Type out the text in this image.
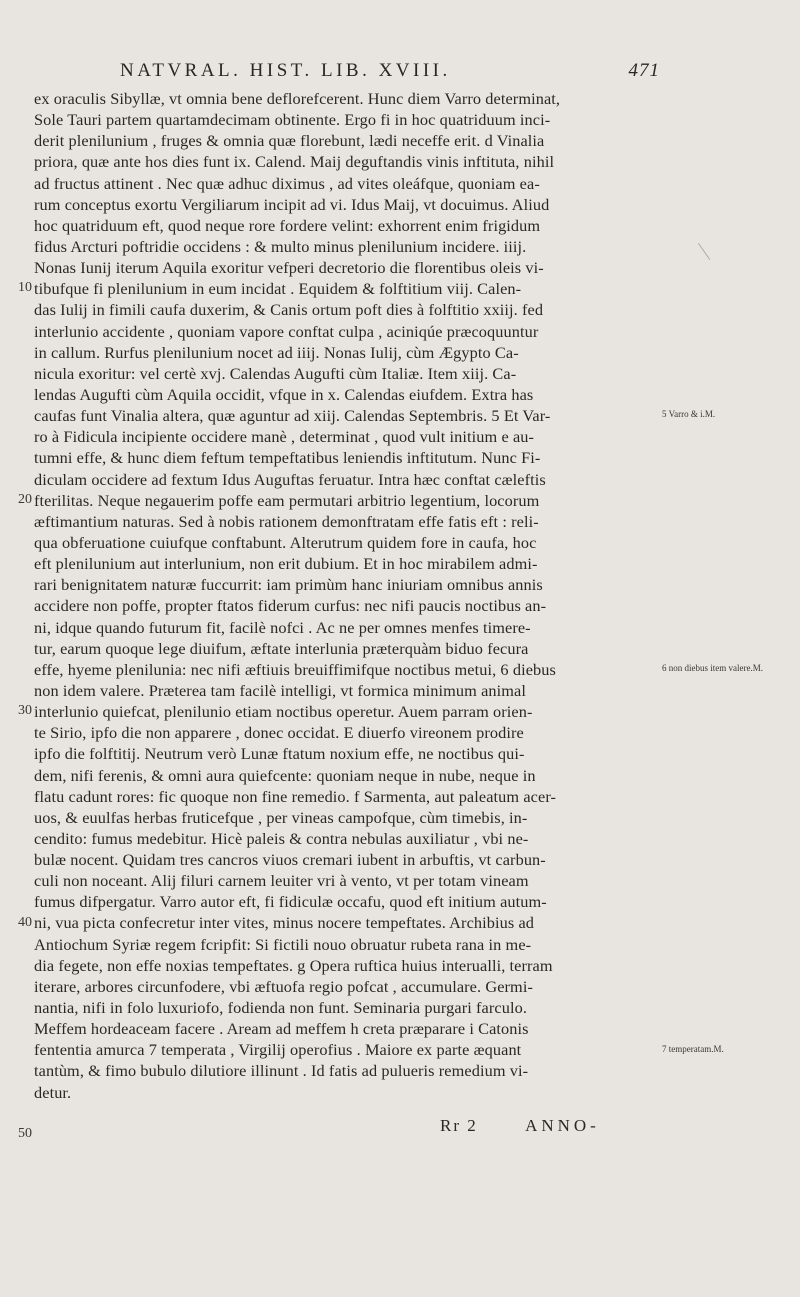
NATVRAL. HIST. LIB. XVIII.	471
ex oraculis Sibyllæ, vt omnia bene deflorefcerent. Hunc diem Varro determinat,
Sole Tauri partem quartamdecimam obtinente. Ergo fi in hoc quatriduum inci-
derit plenilunium , fruges & omnia quæ florebunt, lædi neceffe erit. d Vinalia
priora, quæ ante hos dies funt ix. Calend. Maij deguftandis vinis inftituta, nihil
ad fructus attinent . Nec quæ adhuc diximus , ad vites oleáfque, quoniam ea-
rum conceptus exortu Vergiliarum incipit ad vi. Idus Maij, vt docuimus. Aliud
hoc quatriduum eft, quod neque rore fordere velint: exhorrent enim frigidum
fidus Arcturi poftridie occidens : & multo minus plenilunium incidere. iiij.
Nonas Iunij iterum Aquila exoritur vefperi decretorio die florentibus oleis vi-
tibufque fi plenilunium in eum incidat . Equidem & folftitium viij. Calen-
das Iulij in fimili caufa duxerim, & Canis ortum poft dies à folftitio xxiij. fed
interlunio accidente , quoniam vapore conftat culpa , aciniqúe præcoquuntur
in callum. Rurfus plenilunium nocet ad iiij. Nonas Iulij, cùm Ægypto Ca-
nicula exoritur: vel certè xvj. Calendas Augufti cùm Italiæ. Item xiij. Ca-
lendas Augufti cùm Aquila occidit, vfque in x. Calendas eiufdem. Extra has
caufas funt Vinalia altera, quæ aguntur ad xiij. Calendas Septembris. 5 Et Var-
ro à Fidicula incipiente occidere manè , determinat , quod vult initium e au-
tumni effe, & hunc diem feftum tempeftatibus leniendis inftitutum. Nunc Fi-
diculam occidere ad fextum Idus Auguftas feruatur. Intra hæc conftat cæleftis
fterilitas. Neque negauerim poffe eam permutari arbitrio legentium, locorum
æftimantium naturas. Sed à nobis rationem demonftratam effe fatis eft : reli-
qua obferuatione cuiufque conftabunt. Alterutrum quidem fore in caufa, hoc
eft plenilunium aut interlunium, non erit dubium. Et in hoc mirabilem admi-
rari benignitatem naturæ fuccurrit: iam primùm hanc iniuriam omnibus annis
accidere non poffe, propter ftatos fiderum curfus: nec nifi paucis noctibus an-
ni, idque quando futurum fit, facilè nofci . Ac ne per omnes menfes timere-
tur, earum quoque lege diuifum, æftate interlunia præterquàm biduo fecura
effe, hyeme plenilunia: nec nifi æftiuis breuiffimifque noctibus metui, 6 diebus
non idem valere. Præterea tam facilè intelligi, vt formica minimum animal
interlunio quiefcat, plenilunio etiam noctibus operetur. Auem parram orien-
te Sirio, ipfo die non apparere , donec occidat. E diuerfo vireonem prodire
ipfo die folftitij. Neutrum verò Lunæ ftatum noxium effe, ne noctibus qui-
dem, nifi ferenis, & omni aura quiefcente: quoniam neque in nube, neque in
flatu cadunt rores: fic quoque non fine remedio. f Sarmenta, aut paleatum acer-
uos, & euulfas herbas fruticefque , per vineas campofque, cùm timebis, in-
cendito: fumus medebitur. Hicè paleis & contra nebulas auxiliatur , vbi ne-
bulæ nocent. Quidam tres cancros viuos cremari iubent in arbuftis, vt carbun-
culi non noceant. Alij filuri carnem leuiter vri à vento, vt per totam vineam
fumus difpergatur. Varro autor eft, fi fidiculæ occafu, quod eft initium autum-
ni, vua picta confecretur inter vites, minus nocere tempeftates. Archibius ad
Antiochum Syriæ regem fcripfit: Si fictili nouo obruatur rubeta rana in me-
dia fegete, non effe noxias tempeftates. g Opera ruftica huius interualli, terram
iterare, arbores circunfodere, vbi æftuofa regio pofcat , accumulare. Germi-
nantia, nifi in folo luxuriofo, fodienda non funt. Seminaria purgari farculo.
Meffem hordeaceam facere . Aream ad meffem h creta præparare i Catonis
fententia amurca 7 temperata , Virgilij operofius . Maiore ex parte æquant
tantùm, & fimo bubulo dilutiore illinunt . Id fatis ad pulueris remedium vi-
detur.
10
20
30
40
50
5 Varro & i.M.
6 non diebus item valere.M.
7 temperatam.M.
Rr 2	ANNO-
